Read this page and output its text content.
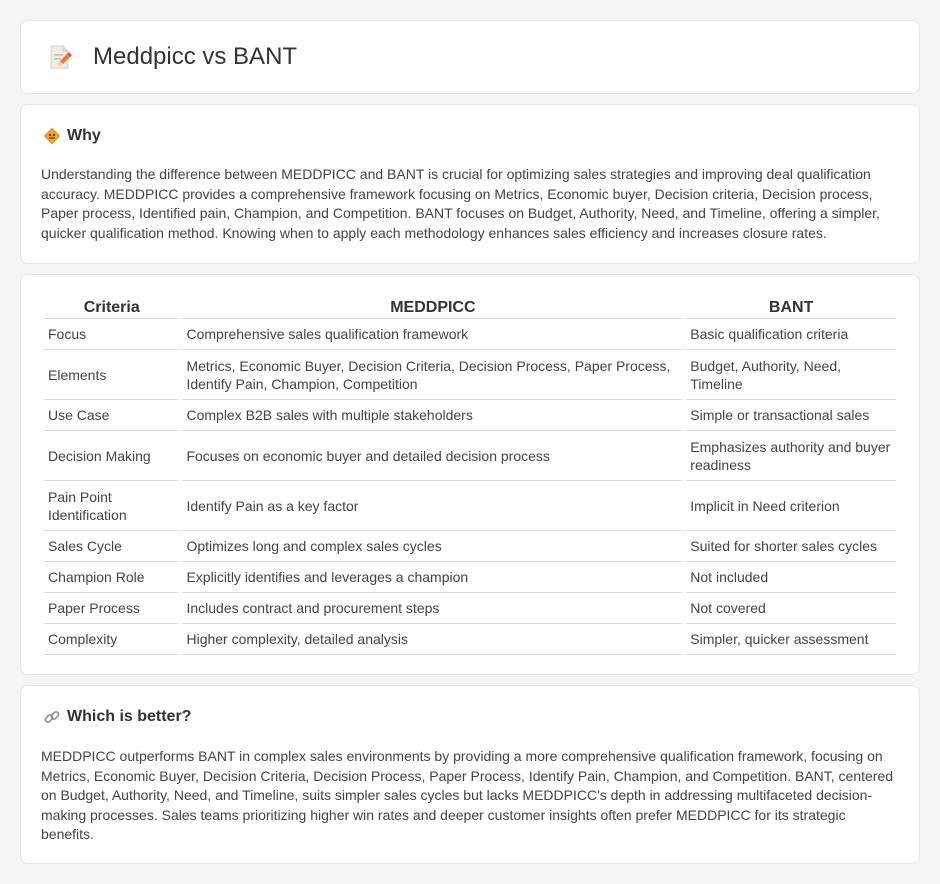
Meddpicc vs BANT
Why

Understanding the difference between MEDDPICC and BANT is crucial for optimizing sales strategies and improving deal qualification accuracy. MEDDPICC provides a comprehensive framework focusing on Metrics, Economic buyer, Decision criteria, Decision process, Paper process, Identified pain, Champion, and Competition. BANT focuses on Budget, Authority, Need, and Timeline, offering a simpler, quicker qualification method. Knowing when to apply each methodology enhances sales efficiency and increases closure rates.

Criteria	MEDDPICC	BANT
Focus	Comprehensive sales qualification framework	Basic qualification criteria
Elements	Metrics, Economic Buyer, Decision Criteria, Decision Process, Paper Process, Identify Pain, Champion, Competition	Budget, Authority, Need, Timeline
Use Case	Complex B2B sales with multiple stakeholders	Simple or transactional sales
Decision Making	Focuses on economic buyer and detailed decision process	Emphasizes authority and buyer readiness
Pain Point Identification	Identify Pain as a key factor	Implicit in Need criterion
Sales Cycle	Optimizes long and complex sales cycles	Suited for shorter sales cycles
Champion Role	Explicitly identifies and leverages a champion	Not included
Paper Process	Includes contract and procurement steps	Not covered
Complexity	Higher complexity, detailed analysis	Simpler, quicker assessment
Which is better?

MEDDPICC outperforms BANT in complex sales environments by providing a more comprehensive qualification framework, focusing on Metrics, Economic Buyer, Decision Criteria, Decision Process, Paper Process, Identify Pain, Champion, and Competition. BANT, centered on Budget, Authority, Need, and Timeline, suits simpler sales cycles but lacks MEDDPICC's depth in addressing multifaceted decision-making processes. Sales teams prioritizing higher win rates and deeper customer insights often prefer MEDDPICC for its strategic benefits.
